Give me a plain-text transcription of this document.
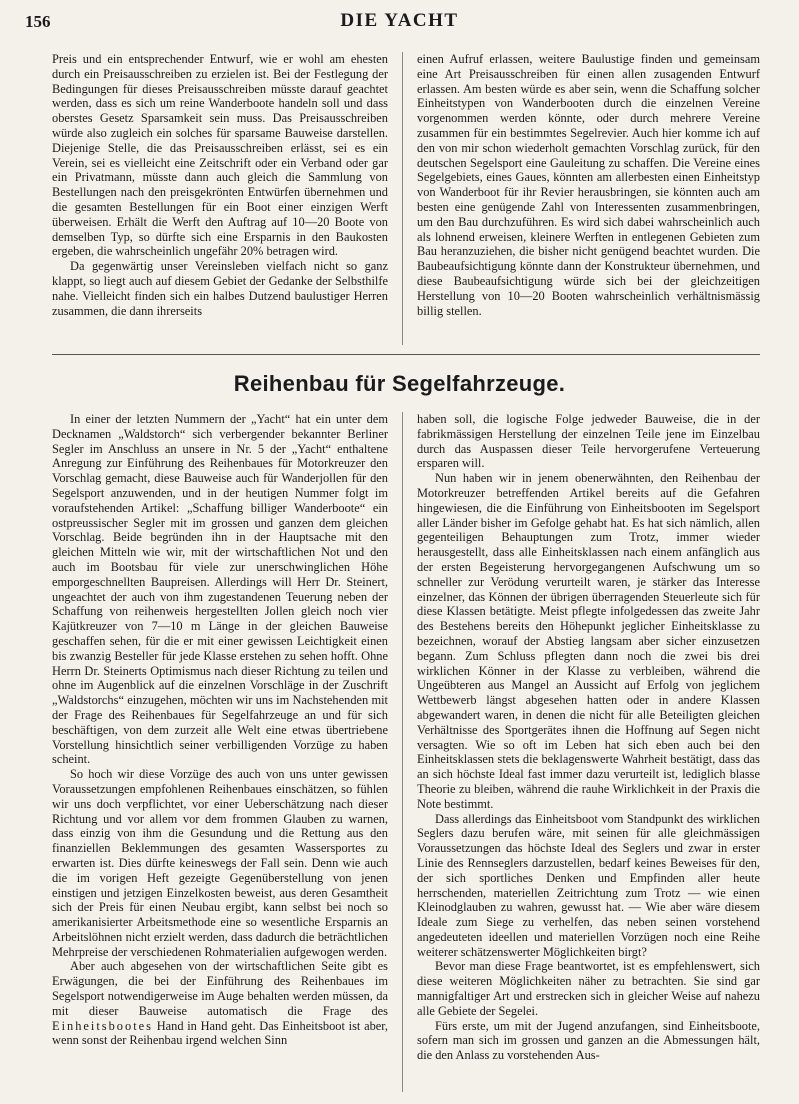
156	DIE YACHT

Preis und ein entsprechender Entwurf, wie er wohl am ehesten durch ein Preisausschreiben zu erzielen ist. Bei der Festlegung der Bedingungen für dieses Preisausschreiben müsste darauf geachtet werden, dass es sich um reine Wanderboote handeln soll und dass oberstes Gesetz Sparsamkeit sein muss. Das Preisausschreiben würde also zugleich ein solches für sparsame Bauweise darstellen. Diejenige Stelle, die das Preisausschreiben erlässt, sei es ein Verein, sei es vielleicht eine Zeitschrift oder ein Verband oder gar ein Privatmann, müsste dann auch gleich die Sammlung von Bestellungen nach den preisgekrönten Entwürfen übernehmen und die gesamten Bestellungen für ein Boot einer einzigen Werft überweisen. Erhält die Werft den Auftrag auf 10—20 Boote von demselben Typ, so dürfte sich eine Ersparnis in den Baukosten ergeben, die wahrscheinlich ungefähr 20% betragen wird.

Da gegenwärtig unser Vereinsleben vielfach nicht so ganz klappt, so liegt auch auf diesem Gebiet der Gedanke der Selbsthilfe nahe. Vielleicht finden sich ein halbes Dutzend baulustiger Herren zusammen, die dann ihrerseits

einen Aufruf erlassen, weitere Baulustige finden und gemeinsam eine Art Preisausschreiben für einen allen zusagenden Entwurf erlassen. Am besten würde es aber sein, wenn die Schaffung solcher Einheitstypen von Wanderbooten durch die einzelnen Vereine vorgenommen werden könnte, oder durch mehrere Vereine zusammen für ein bestimmtes Segelrevier. Auch hier komme ich auf den von mir schon wiederholt gemachten Vorschlag zurück, für den deutschen Segelsport eine Gauleitung zu schaffen. Die Vereine eines Segelgebiets, eines Gaues, könnten am allerbesten einen Einheitstyp von Wanderboot für ihr Revier herausbringen, sie könnten auch am besten eine genügende Zahl von Interessenten zusammenbringen, um den Bau durchzuführen. Es wird sich dabei wahrscheinlich auch als lohnend erweisen, kleinere Werften in entlegenen Gebieten zum Bau heranzuziehen, die bisher nicht genügend beachtet wurden. Die Baubeaufsichtigung könnte dann der Konstrukteur übernehmen, und diese Baubeaufsichtigung würde sich bei der gleichzeitigen Herstellung von 10—20 Booten wahrscheinlich verhältnismässig billig stellen.

Reihenbau für Segelfahrzeuge.

In einer der letzten Nummern der „Yacht“ hat ein unter dem Decknamen „Waldstorch“ sich verbergender bekannter Berliner Segler im Anschluss an unsere in Nr. 5 der „Yacht“ enthaltene Anregung zur Einführung des Reihenbaues für Motorkreuzer den Vorschlag gemacht, diese Bauweise auch für Wanderjollen für den Segelsport anzuwenden, und in der heutigen Nummer folgt im voraufstehenden Artikel: „Schaffung billiger Wanderboote“ ein ostpreussischer Segler mit im grossen und ganzen dem gleichen Vorschlag. Beide begründen ihn in der Hauptsache mit den gleichen Mitteln wie wir, mit der wirtschaftlichen Not und den auch im Bootsbau für viele zur unerschwinglichen Höhe emporgeschnellten Baupreisen. Allerdings will Herr Dr. Steinert, ungeachtet der auch von ihm zugestandenen Teuerung neben der Schaffung von reihenweis hergestellten Jollen gleich noch vier Kajütkreuzer von 7—10 m Länge in der gleichen Bauweise geschaffen sehen, für die er mit einer gewissen Leichtigkeit einen bis zwanzig Besteller für jede Klasse erstehen zu sehen hofft. Ohne Herrn Dr. Steinerts Optimismus nach dieser Richtung zu teilen und ohne im Augenblick auf die einzelnen Vorschläge in der Zuschrift „Waldstorchs“ einzugehen, möchten wir uns im Nachstehenden mit der Frage des Reihenbaues für Segelfahrzeuge an und für sich beschäftigen, von dem zurzeit alle Welt eine etwas übertriebene Vorstellung hinsichtlich seiner verbilligenden Vorzüge zu haben scheint.

So hoch wir diese Vorzüge des auch von uns unter gewissen Voraussetzungen empfohlenen Reihenbaues einschätzen, so fühlen wir uns doch verpflichtet, vor einer Ueberschätzung nach dieser Richtung und vor allem vor dem frommen Glauben zu warnen, dass einzig von ihm die Gesundung und die Rettung aus den finanziellen Beklemmungen des gesamten Wassersportes zu erwarten ist. Dies dürfte keineswegs der Fall sein. Denn wie auch die im vorigen Heft gezeigte Gegenüberstellung von jenen einstigen und jetzigen Einzelkosten beweist, aus deren Gesamtheit sich der Preis für einen Neubau ergibt, kann selbst bei noch so amerikanisierter Arbeitsmethode eine so wesentliche Ersparnis an Arbeitslöhnen nicht erzielt werden, dass dadurch die beträchtlichen Mehrpreise der verschiedenen Rohmaterialien aufgewogen werden.

Aber auch abgesehen von der wirtschaftlichen Seite gibt es Erwägungen, die bei der Einführung des Reihenbaues im Segelsport notwendigerweise im Auge behalten werden müssen, da mit dieser Bauweise automatisch die Frage des Einheitsbootes Hand in Hand geht. Das Einheitsboot ist aber, wenn sonst der Reihenbau irgend welchen Sinn

haben soll, die logische Folge jedweder Bauweise, die in der fabrikmässigen Herstellung der einzelnen Teile jene im Einzelbau durch das Auspassen dieser Teile hervorgerufene Verteuerung ersparen will.

Nun haben wir in jenem obenerwähnten, den Reihenbau der Motorkreuzer betreffenden Artikel bereits auf die Gefahren hingewiesen, die die Einführung von Einheitsbooten im Segelsport aller Länder bisher im Gefolge gehabt hat. Es hat sich nämlich, allen gegenteiligen Behauptungen zum Trotz, immer wieder herausgestellt, dass alle Einheitsklassen nach einem anfänglich aus der ersten Begeisterung hervorgegangenen Aufschwung um so schneller zur Verödung verurteilt waren, je stärker das Interesse einzelner, das Können der übrigen überragenden Steuerleute sich für diese Klassen betätigte. Meist pflegte infolgedessen das zweite Jahr des Bestehens bereits den Höhepunkt jeglicher Einheitsklasse zu bezeichnen, worauf der Abstieg langsam aber sicher einzusetzen begann. Zum Schluss pflegten dann noch die zwei bis drei wirklichen Könner in der Klasse zu verbleiben, während die Ungeübteren aus Mangel an Aussicht auf Erfolg von jeglichem Wettbewerb längst abgesehen hatten oder in andere Klassen abgewandert waren, in denen die nicht für alle Beteiligten gleichen Verhältnisse des Sportgerätes ihnen die Hoffnung auf Segen nicht versagten. Wie so oft im Leben hat sich eben auch bei den Einheitsklassen stets die beklagenswerte Wahrheit bestätigt, dass das an sich höchste Ideal fast immer dazu verurteilt ist, lediglich blasse Theorie zu bleiben, während die rauhe Wirklichkeit in der Praxis die Note bestimmt.

Dass allerdings das Einheitsboot vom Standpunkt des wirklichen Seglers dazu berufen wäre, mit seinen für alle gleichmässigen Voraussetzungen das höchste Ideal des Seglers und zwar in erster Linie des Rennseglers darzustellen, bedarf keines Beweises für den, der sich sportliches Denken und Empfinden aller heute herrschenden, materiellen Zeitrichtung zum Trotz — wie einen Kleinodglauben zu wahren, gewusst hat. — Wie aber wäre diesem Ideale zum Siege zu verhelfen, das neben seinen vorstehend angedeuteten ideellen und materiellen Vorzügen noch eine Reihe weiterer schätzenswerter Möglichkeiten birgt?

Bevor man diese Frage beantwortet, ist es empfehlenswert, sich diese weiteren Möglichkeiten näher zu betrachten. Sie sind gar mannigfaltiger Art und erstrecken sich in gleicher Weise auf nahezu alle Gebiete der Segelei.

Fürs erste, um mit der Jugend anzufangen, sind Einheitsboote, sofern man sich im grossen und ganzen an die Abmessungen hält, die den Anlass zu vorstehenden Aus-
